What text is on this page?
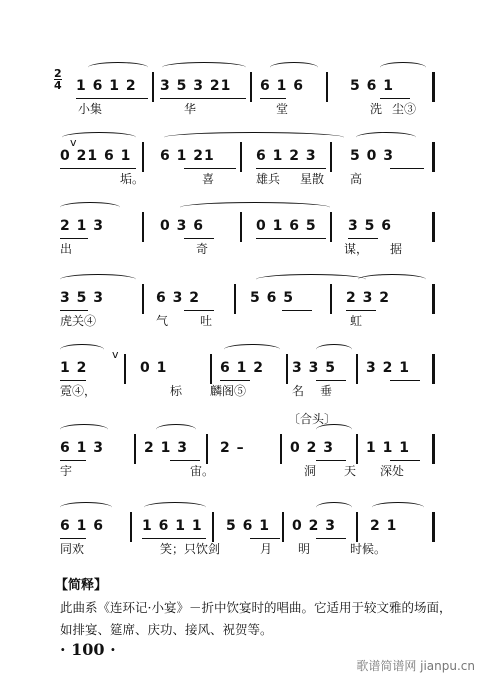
2
4 1 6 1 2 3 5 3 21 6 1 6	5 6 1
小集	华	堂	洗 尘③
v
0 21 6 1 6 1 21	6 1 2 3 5 0 3
垢。	喜	雄兵 星散 高
2 1 3	0 3 6	0 1 6 5 3 5 6
出	奇	谋， 据
3 5 3	6 3 2	5 6 5	2 3 2
虎关④	气	吐	虹
1 2
v
0 1	6 1 2 3 3 5 3 2 1
霓④，	标 麟阁⑤	名 垂
〔合头〕
6 1 3	2 1 3 2 –	0 2 3 1 1 1
宇	宙。	洞 天 深处
6 1 6	1 6 1 1 5 6 1 0 2 3 2 1
同欢	笑；只饮剑	月 明	时候。
【简释】
此曲系《连环记·小宴》－折中饮宴时的唱曲。它适用于较文雅的场面，如排宴、筵席、庆功、接风、祝贺等。
· 100 ·
歌谱简谱网 jianpu.cn
